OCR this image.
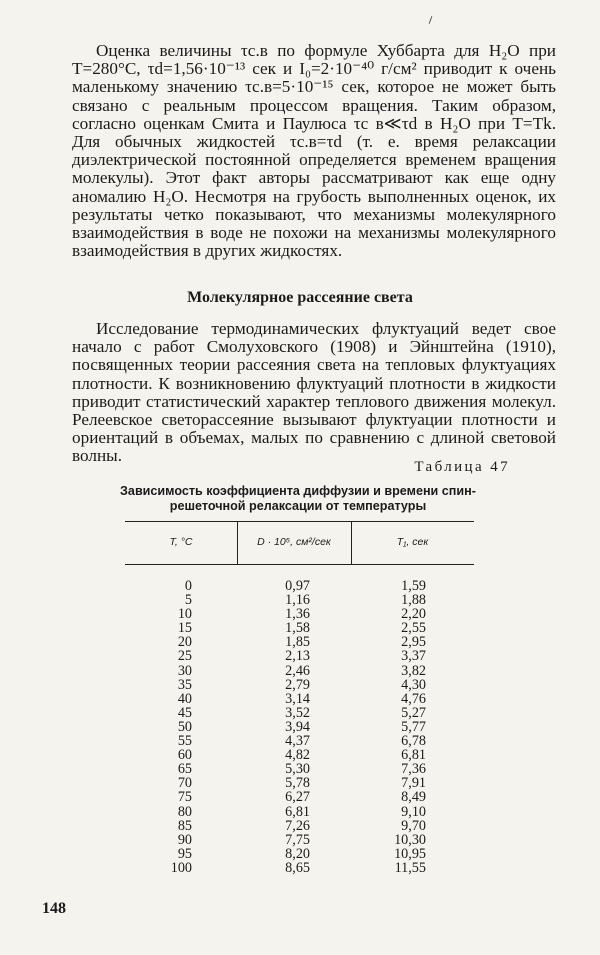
Оценка величины τc.в по формуле Хуббарта для H₂O при T=280°C, τd=1,56·10⁻¹³ сек и I₀=2·10⁻⁴⁰ г/см² приводит к очень маленькому значению τc.в=5·10⁻¹⁵ сек, которое не может быть связано с реальным процессом вращения. Таким образом, согласно оценкам Смита и Паулюса τc в≪τd в H₂O при T=Tk. Для обычных жидкостей τc.в=τd (т. е. время релаксации диэлектрической постоянной определяется временем вращения молекулы). Этот факт авторы рассматривают как еще одну аномалию H₂O. Несмотря на грубость выполненных оценок, их результаты четко показывают, что механизмы молекулярного взаимодействия в воде не похожи на механизмы молекулярного взаимодействия в других жидкостях.

Молекулярное рассеяние света

Исследование термодинамических флуктуаций ведет свое начало с работ Смолуховского (1908) и Эйнштейна (1910), посвященных теории рассеяния света на тепловых флуктуациях плотности. К возникновению флуктуаций плотности в жидкости приводит статистический характер теплового движения молекул. Релеевское светорассеяние вызывают флуктуации плотности и ориентаций в объемах, малых по сравнению с длиной световой волны.

Таблица 47
Зависимость коэффициента диффузии и времени спин-решеточной релаксации от температуры
T, °C	D · 10⁵, см²/сек	T₁, сек
0	0,97	1,59
5	1,16	1,88
10	1,36	2,20
15	1,58	2,55
20	1,85	2,95
25	2,13	3,37
30	2,46	3,82
35	2,79	4,30
40	3,14	4,76
45	3,52	5,27
50	3,94	5,77
55	4,37	6,78
60	4,82	6,81
65	5,30	7,36
70	5,78	7,91
75	6,27	8,49
80	6,81	9,10
85	7,26	9,70
90	7,75	10,30
95	8,20	10,95
100	8,65	11,55
148
